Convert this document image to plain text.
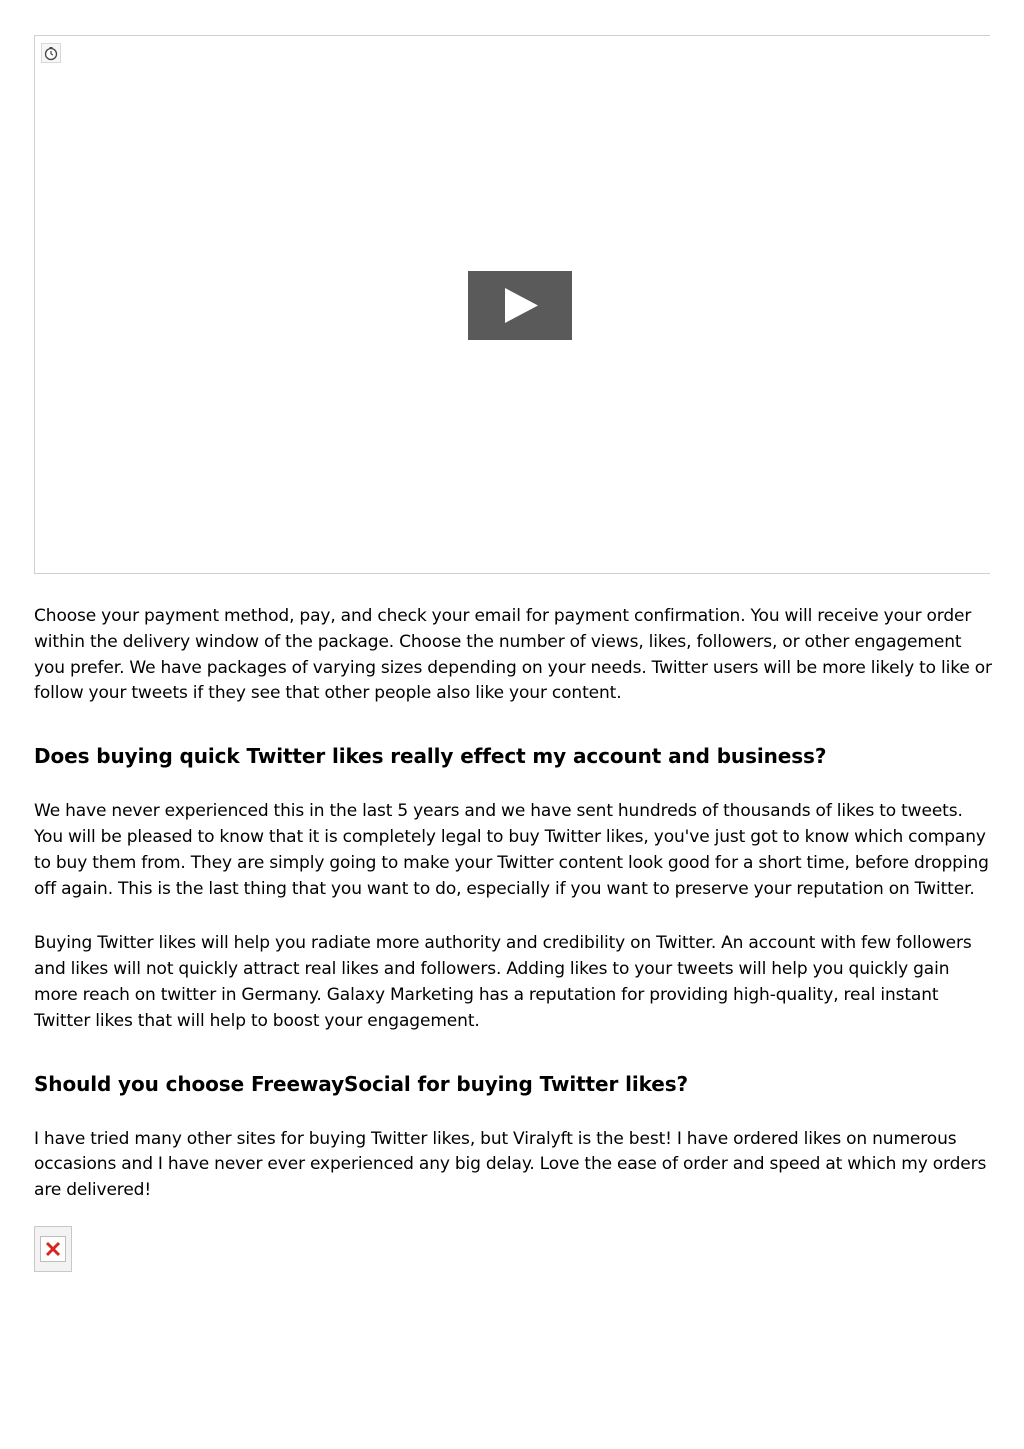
Choose your payment method, pay, and check your email for payment confirmation. You will receive your order within the delivery window of the package. Choose the number of views, likes, followers, or other engagement you prefer. We have packages of varying sizes depending on your needs. Twitter users will be more likely to like or follow your tweets if they see that other people also like your content.

Does buying quick Twitter likes really effect my account and business?

We have never experienced this in the last 5 years and we have sent hundreds of thousands of likes to tweets. You will be pleased to know that it is completely legal to buy Twitter likes, you've just got to know which company to buy them from. They are simply going to make your Twitter content look good for a short time, before dropping off again. This is the last thing that you want to do, especially if you want to preserve your reputation on Twitter.

Buying Twitter likes will help you radiate more authority and credibility on Twitter. An account with few followers and likes will not quickly attract real likes and followers. Adding likes to your tweets will help you quickly gain more reach on twitter in Germany. Galaxy Marketing has a reputation for providing high-quality, real instant Twitter likes that will help to boost your engagement.

Should you choose FreewaySocial for buying Twitter likes?

I have tried many other sites for buying Twitter likes, but Viralyft is the best! I have ordered likes on numerous occasions and I have never ever experienced any big delay. Love the ease of order and speed at which my orders are delivered!
